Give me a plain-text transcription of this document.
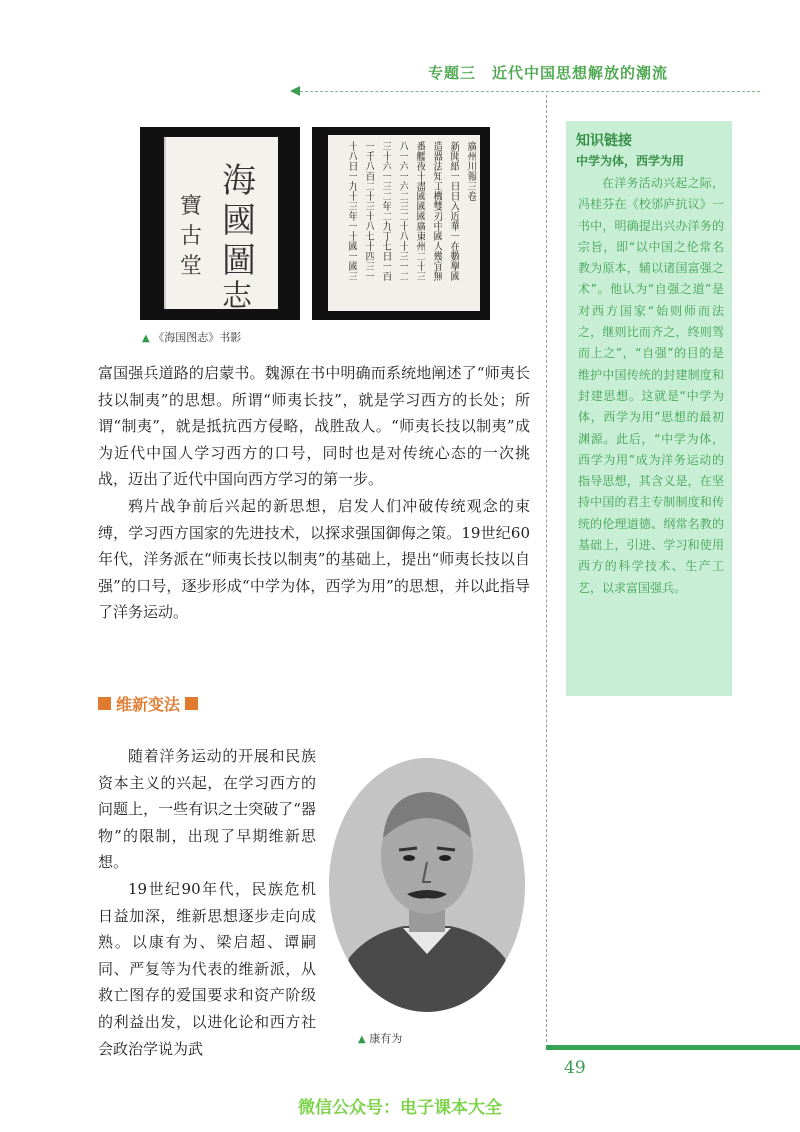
专题三　近代中国思想解放的潮流
海
國
圖
志
寶
古
堂
廣州川報三卷
新聞紙一日日入近華一在數擧國
造器法知工機雙刃中國人幾宜無
番艦夜十盡國國國廣東州二十三
八一六一六二三二十八十三一二
三十六一三二年二九丁七日一百
一千八百二十三十八七十四三一
十八日一九十三年一十國一國三
▲ 《海国图志》书影

富国强兵道路的启蒙书。魏源在书中明确而系统地阐述了“师夷长技以制夷”的思想。所谓“师夷长技”，就是学习西方的长处；所谓“制夷”，就是抵抗西方侵略，战胜敌人。“师夷长技以制夷”成为近代中国人学习西方的口号，同时也是对传统心态的一次挑战，迈出了近代中国向西方学习的第一步。

鸦片战争前后兴起的新思想，启发人们冲破传统观念的束缚，学习西方国家的先进技术，以探求强国御侮之策。19世纪60年代，洋务派在“师夷长技以制夷”的基础上，提出“师夷长技以自强”的口号，逐步形成“中学为体，西学为用”的思想，并以此指导了洋务运动。

维新变法

随着洋务运动的开展和民族资本主义的兴起，在学习西方的问题上，一些有识之士突破了“器物”的限制，出现了早期维新思想。

19世纪90年代，民族危机日益加深，维新思想逐步走向成熟。以康有为、梁启超、谭嗣同、严复等为代表的维新派，从救亡图存的爱国要求和资产阶级的利益出发，以进化论和西方社会政治学说为武

▲ 康有为
知识链接
中学为体，西学为用
在洋务活动兴起之际，冯桂芬在《校邠庐抗议》一书中，明确提出兴办洋务的宗旨，即“以中国之伦常名教为原本，辅以诸国富强之术”。他认为“自强之道”是对西方国家“始则师而法之，继则比而齐之，终则驾而上之”，“自强”的目的是维护中国传统的封建制度和封建思想。这就是“中学为体，西学为用”思想的最初渊源。此后，“中学为体，西学为用”成为洋务运动的指导思想，其含义是，在坚持中国的君主专制制度和传统的伦理道德、纲常名教的基础上，引进、学习和使用西方的科学技术、生产工艺，以求富国强兵。
49
微信公众号：电子课本大全
